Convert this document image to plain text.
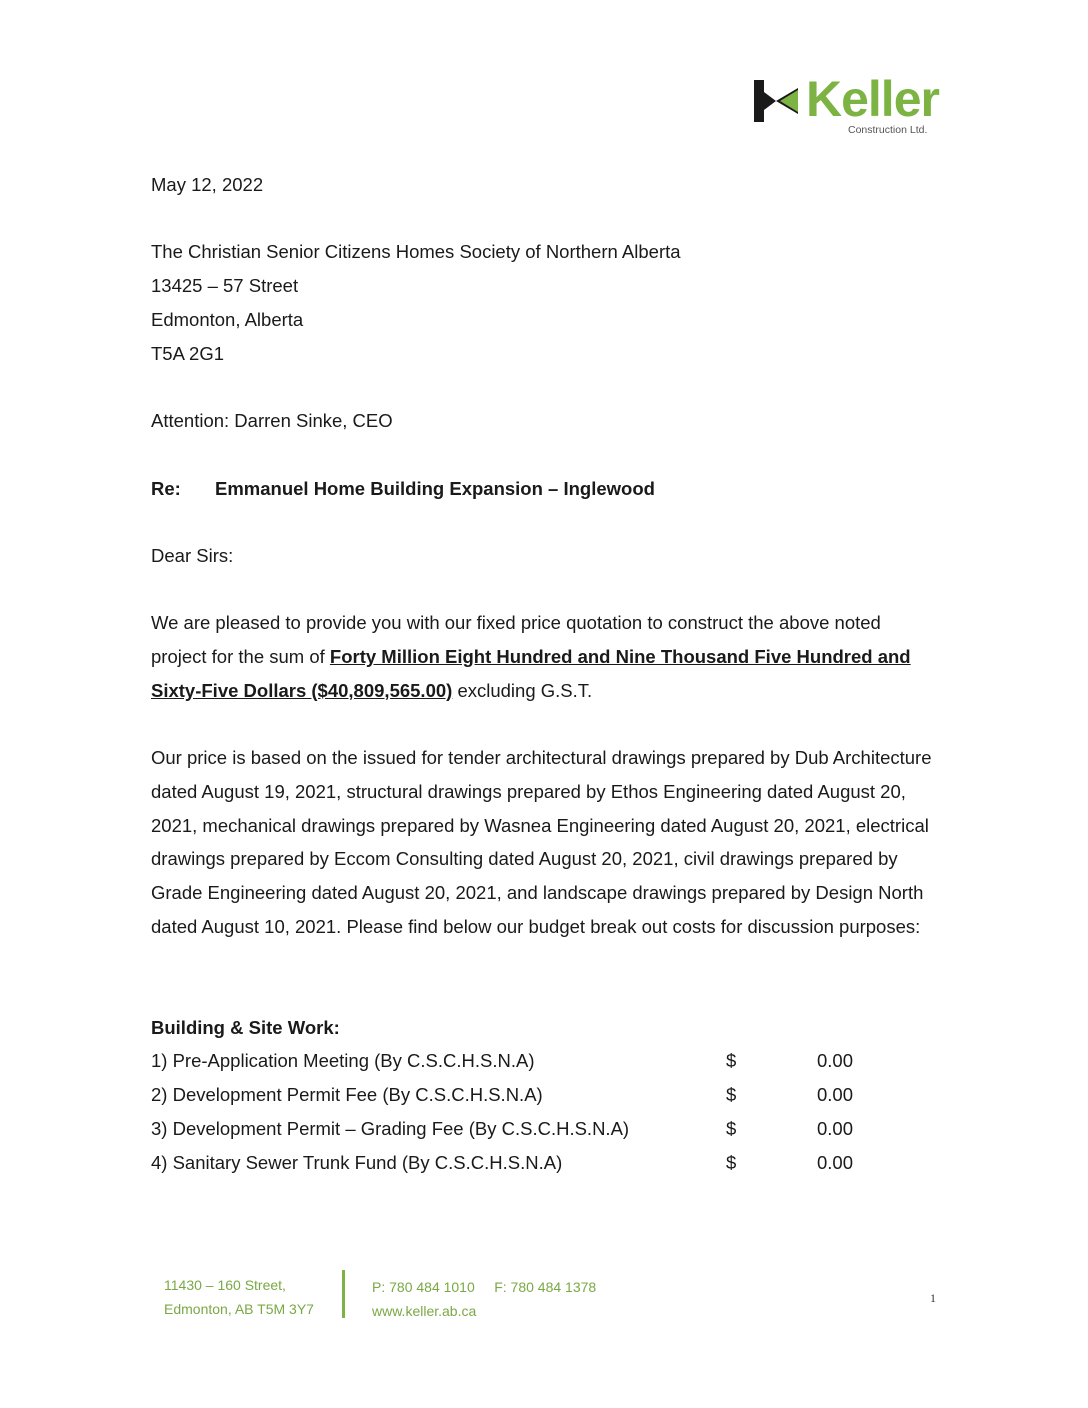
Keller
Construction Ltd.
May 12, 2022
The Christian Senior Citizens Homes Society of Northern Alberta
13425 – 57 Street
Edmonton, Alberta
T5A 2G1
Attention: Darren Sinke, CEO
Re: Emmanuel Home Building Expansion – Inglewood
Dear Sirs:
We are pleased to provide you with our fixed price quotation to construct the above noted project for the sum of Forty Million Eight Hundred and Nine Thousand Five Hundred and Sixty-Five Dollars ($40,809,565.00) excluding G.S.T.
Our price is based on the issued for tender architectural drawings prepared by Dub Architecture dated August 19, 2021, structural drawings prepared by Ethos Engineering dated August 20, 2021, mechanical drawings prepared by Wasnea Engineering dated August 20, 2021, electrical drawings prepared by Eccom Consulting dated August 20, 2021, civil drawings prepared by Grade Engineering dated August 20, 2021, and landscape drawings prepared by Design North dated August 10, 2021. Please find below our budget break out costs for discussion purposes:
Building & Site Work:
1) Pre-Application Meeting (By C.S.C.H.S.N.A)	$	0.00
2) Development Permit Fee (By C.S.C.H.S.N.A)	$	0.00
3) Development Permit – Grading Fee (By C.S.C.H.S.N.A)	$	0.00
4) Sanitary Sewer Trunk Fund (By C.S.C.H.S.N.A)	$	0.00
11430 – 160 Street,
Edmonton, AB T5M 3Y7
P: 780 484 1010 F: 780 484 1378
www.keller.ab.ca
1
